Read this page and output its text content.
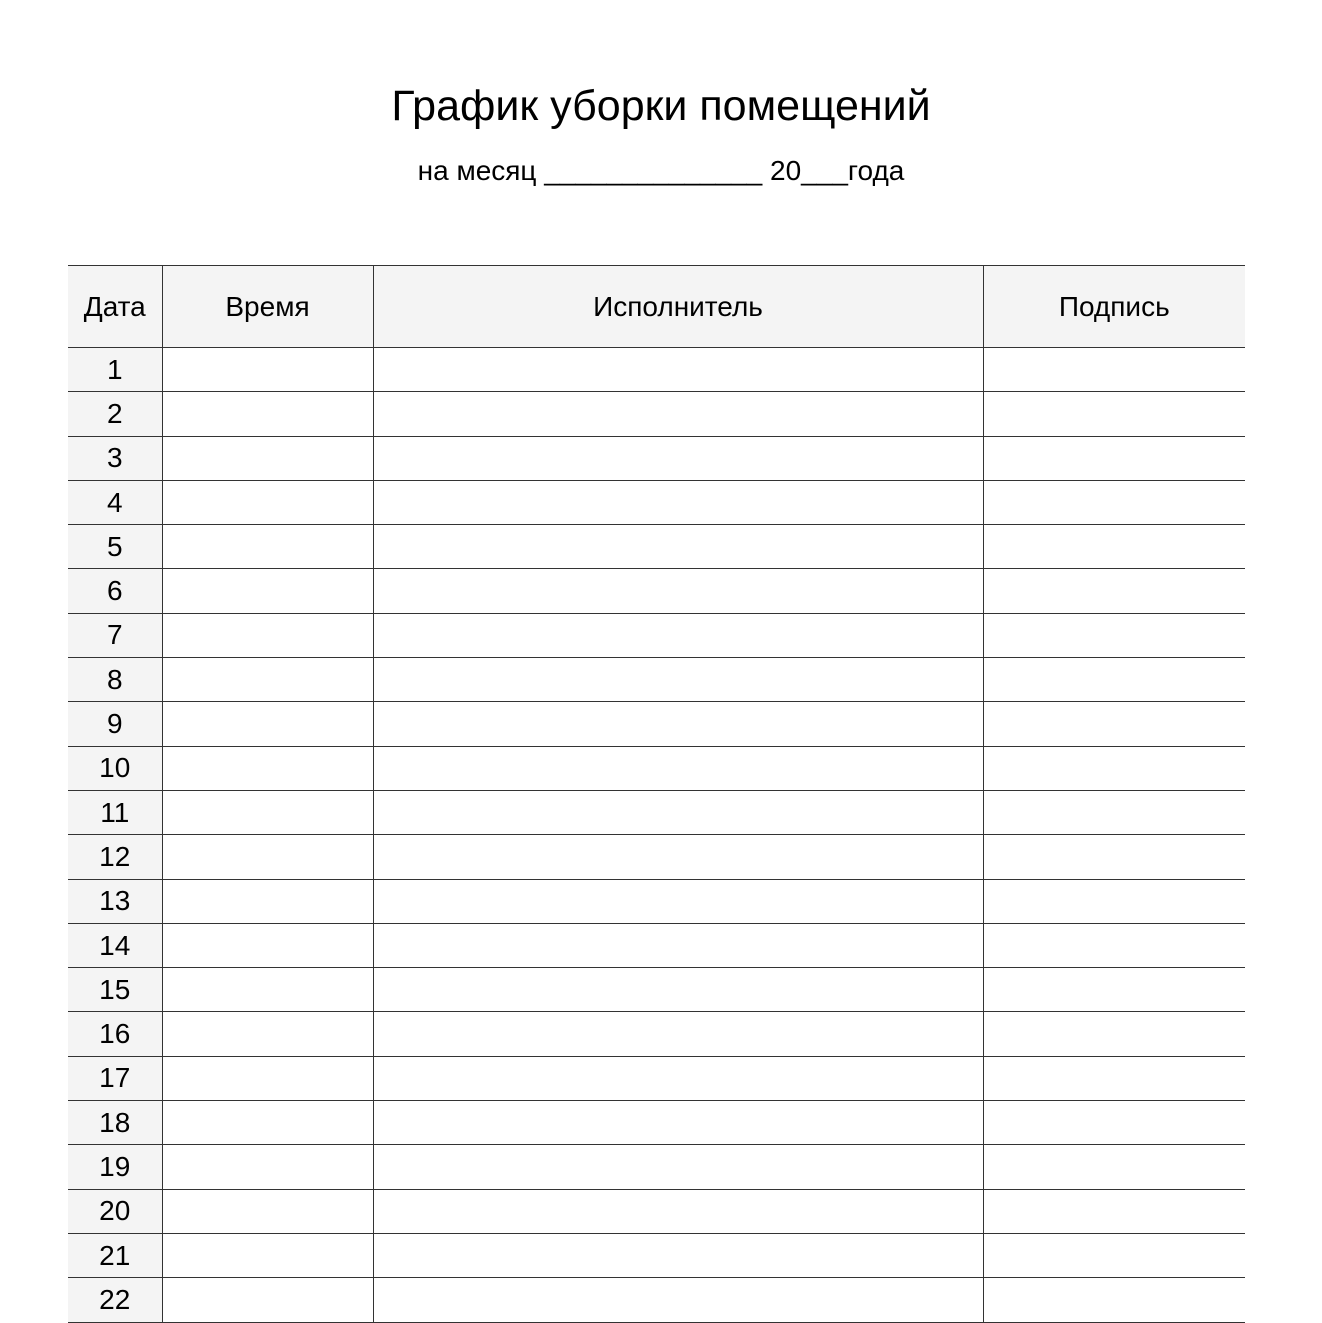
График уборки помещений
на месяц ______________ 20___года
Дата	Время	Исполнитель	Подпись
1			
2			
3			
4			
5			
6			
7			
8			
9			
10			
11			
12			
13			
14			
15			
16			
17			
18			
19			
20			
21			
22			
